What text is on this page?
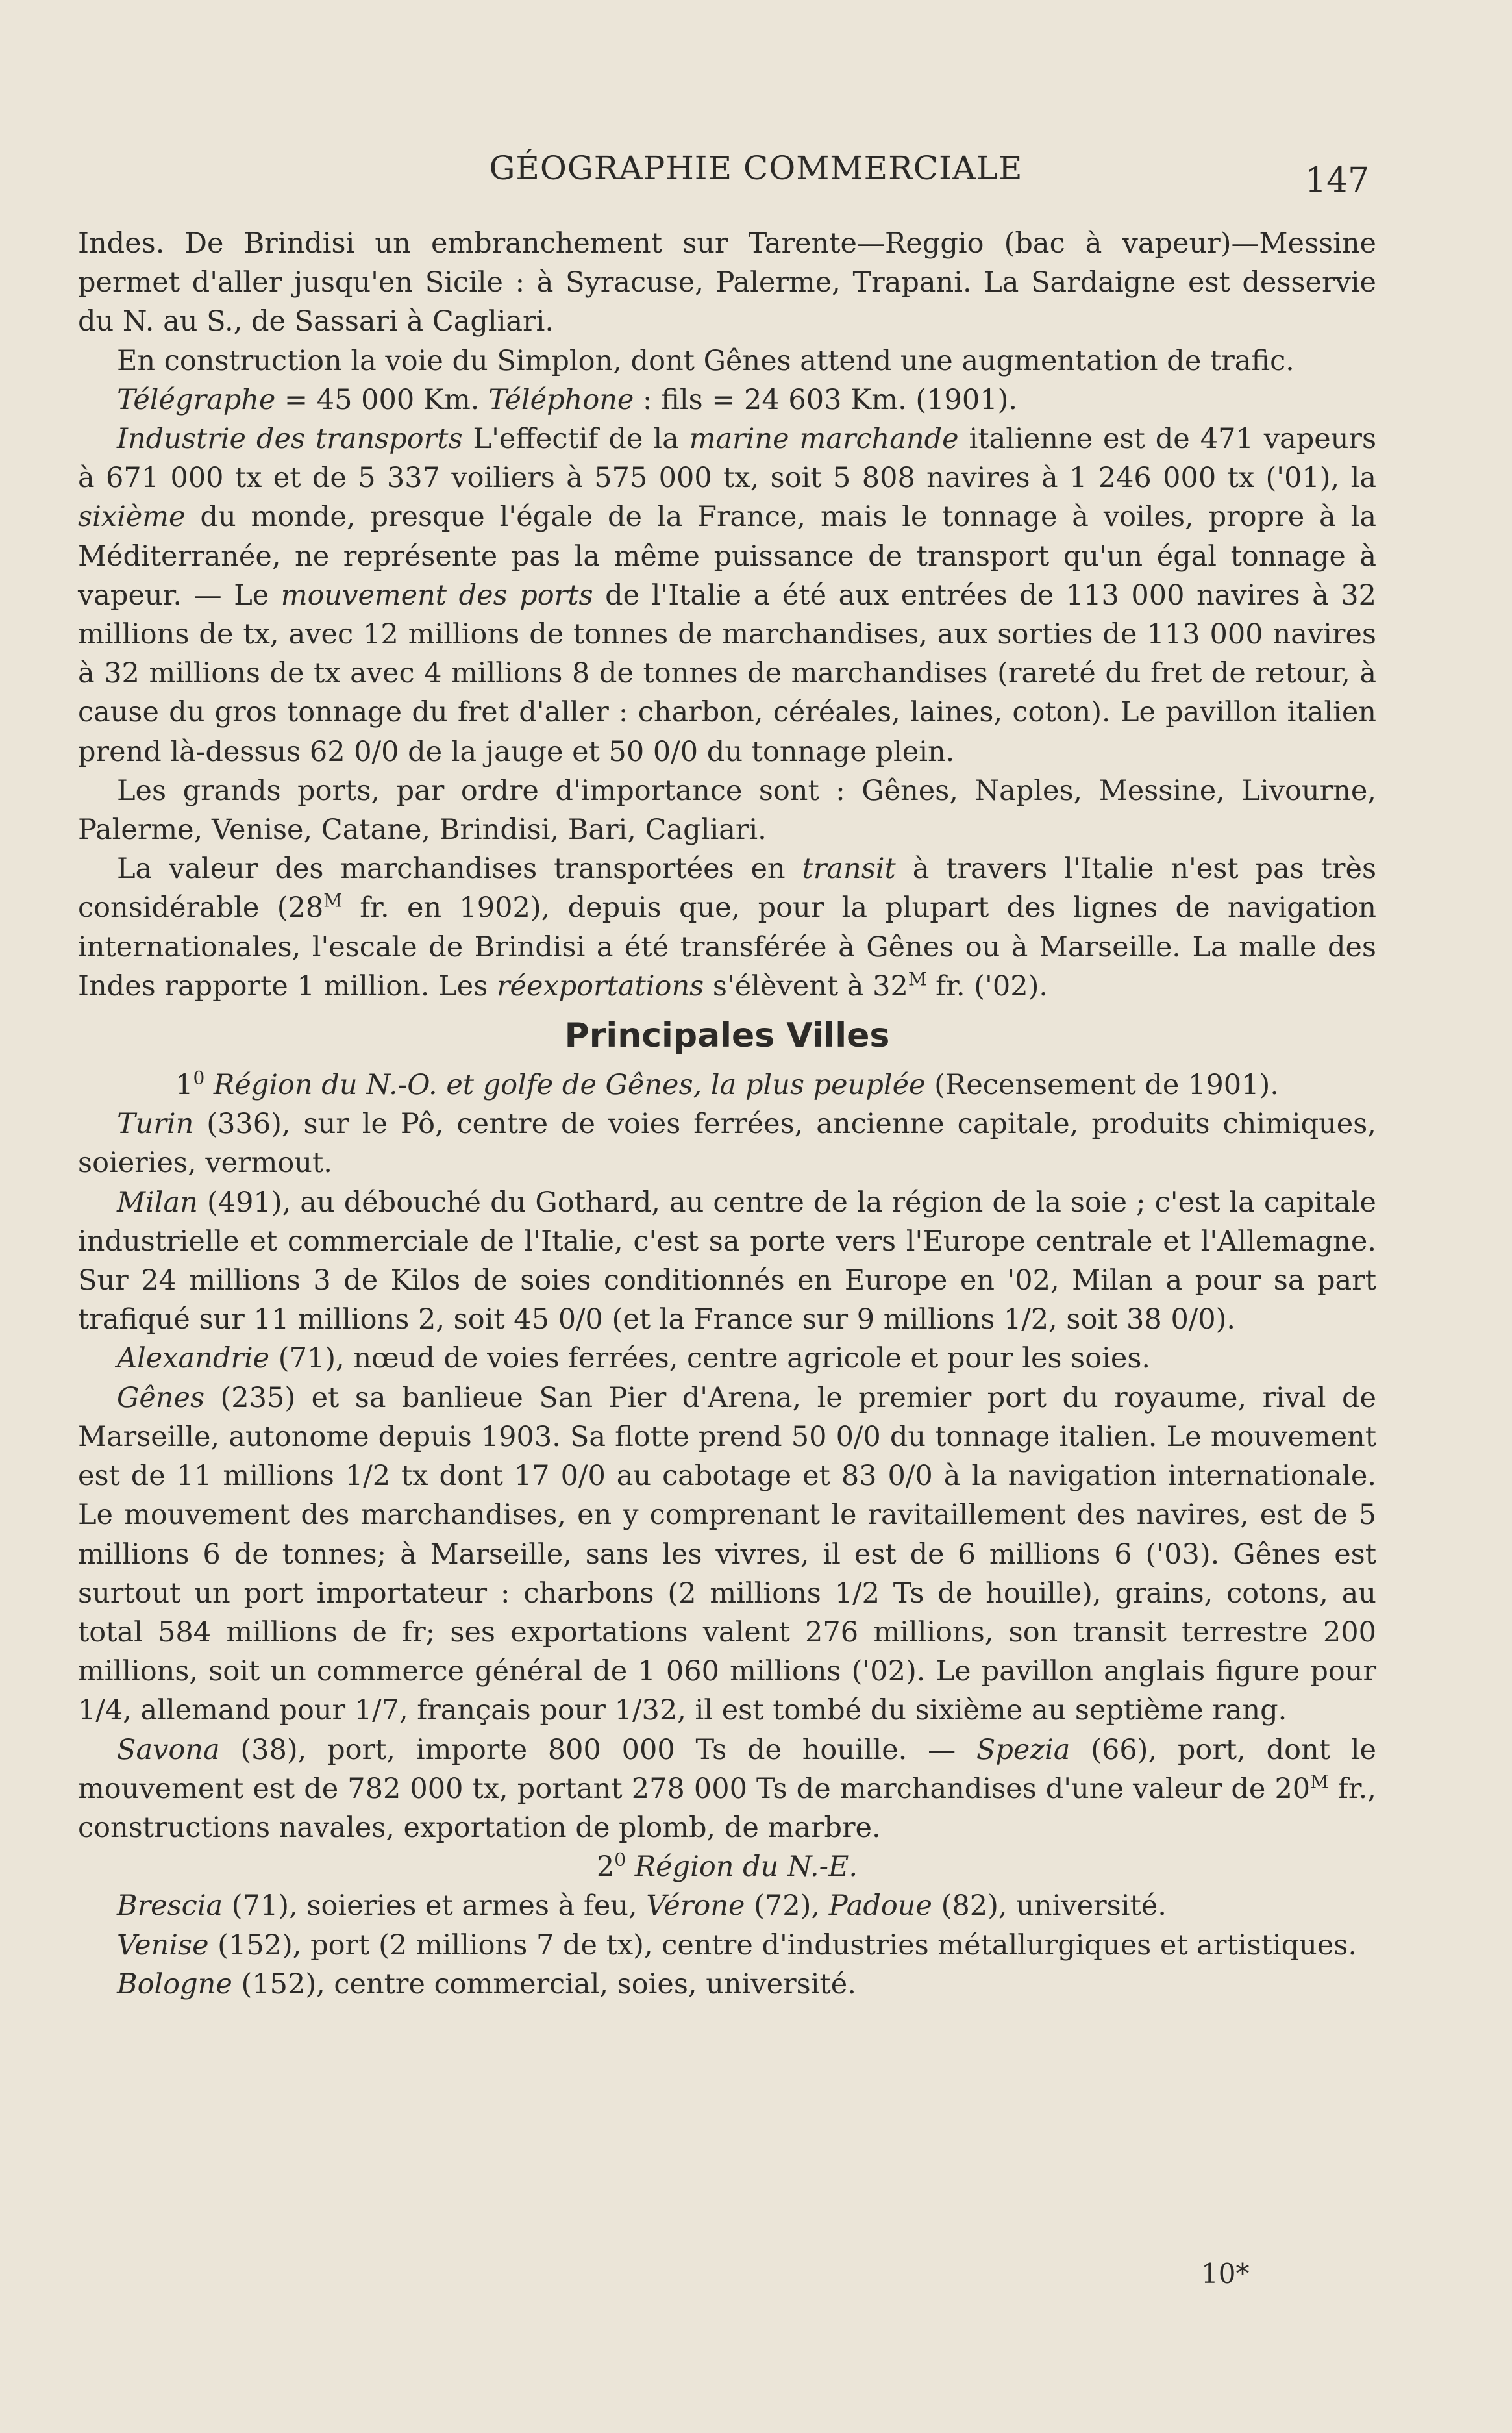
GÉOGRAPHIE COMMERCIALE	147

Indes. De Brindisi un embranchement sur Tarente—Reggio (bac à vapeur)—Messine permet d'aller jusqu'en Sicile : à Syracuse, Palerme, Trapani. La Sardaigne est desservie du N. au S., de Sassari à Cagliari.

En construction la voie du Simplon, dont Gênes attend une augmentation de trafic.

Télégraphe = 45 000 Km. Téléphone : fils = 24 603 Km. (1901).

Industrie des transports L'effectif de la marine marchande italienne est de 471 vapeurs à 671 000 tx et de 5 337 voiliers à 575 000 tx, soit 5 808 navires à 1 246 000 tx ('01), la sixième du monde, presque l'égale de la France, mais le tonnage à voiles, propre à la Méditerranée, ne représente pas la même puissance de transport qu'un égal tonnage à vapeur. — Le mouvement des ports de l'Italie a été aux entrées de 113 000 navires à 32 millions de tx, avec 12 millions de tonnes de marchandises, aux sorties de 113 000 navires à 32 millions de tx avec 4 millions 8 de tonnes de marchandises (rareté du fret de retour, à cause du gros tonnage du fret d'aller : charbon, céréales, laines, coton). Le pavillon italien prend là-dessus 62 0/0 de la jauge et 50 0/0 du tonnage plein.

Les grands ports, par ordre d'importance sont : Gênes, Naples, Messine, Livourne, Palerme, Venise, Catane, Brindisi, Bari, Cagliari.

La valeur des marchandises transportées en transit à travers l'Italie n'est pas très considérable ($28^M$ fr. en 1902), depuis que, pour la plupart des lignes de navigation internationales, l'escale de Brindisi a été transférée à Gênes ou à Marseille. La malle des Indes rapporte 1 million. Les réexportations s'élèvent à $32^M$ fr. ('02).

Principales Villes

$1^0$ Région du N.-O. et golfe de Gênes, la plus peuplée (Recensement de 1901).

Turin (336), sur le Pô, centre de voies ferrées, ancienne capitale, produits chimiques, soieries, vermout.

Milan (491), au débouché du Gothard, au centre de la région de la soie ; c'est la capitale industrielle et commerciale de l'Italie, c'est sa porte vers l'Europe centrale et l'Allemagne. Sur 24 millions 3 de Kilos de soies conditionnés en Europe en '02, Milan a pour sa part trafiqué sur 11 millions 2, soit 45 0/0 (et la France sur 9 millions 1/2, soit 38 0/0).

Alexandrie (71), nœud de voies ferrées, centre agricole et pour les soies.

Gênes (235) et sa banlieue San Pier d'Arena, le premier port du royaume, rival de Marseille, autonome depuis 1903. Sa flotte prend 50 0/0 du tonnage italien. Le mouvement est de 11 millions 1/2 tx dont 17 0/0 au cabotage et 83 0/0 à la navigation internationale. Le mouvement des marchandises, en y comprenant le ravitaillement des navires, est de 5 millions 6 de tonnes; à Marseille, sans les vivres, il est de 6 millions 6 ('03). Gênes est surtout un port importateur : charbons (2 millions 1/2 Ts de houille), grains, cotons, au total 584 millions de fr; ses exportations valent 276 millions, son transit terrestre 200 millions, soit un commerce général de 1 060 millions ('02). Le pavillon anglais figure pour 1/4, allemand pour 1/7, français pour 1/32, il est tombé du sixième au septième rang.

Savona (38), port, importe 800 000 Ts de houille. — Spezia (66), port, dont le mouvement est de 782 000 tx, portant 278 000 Ts de marchandises d'une valeur de $20^M$ fr., constructions navales, exportation de plomb, de marbre.

$2^0$ Région du N.-E.

Brescia (71), soieries et armes à feu, Vérone (72), Padoue (82), université.

Venise (152), port (2 millions 7 de tx), centre d'industries métallurgiques et artistiques.

Bologne (152), centre commercial, soies, université.

10*
